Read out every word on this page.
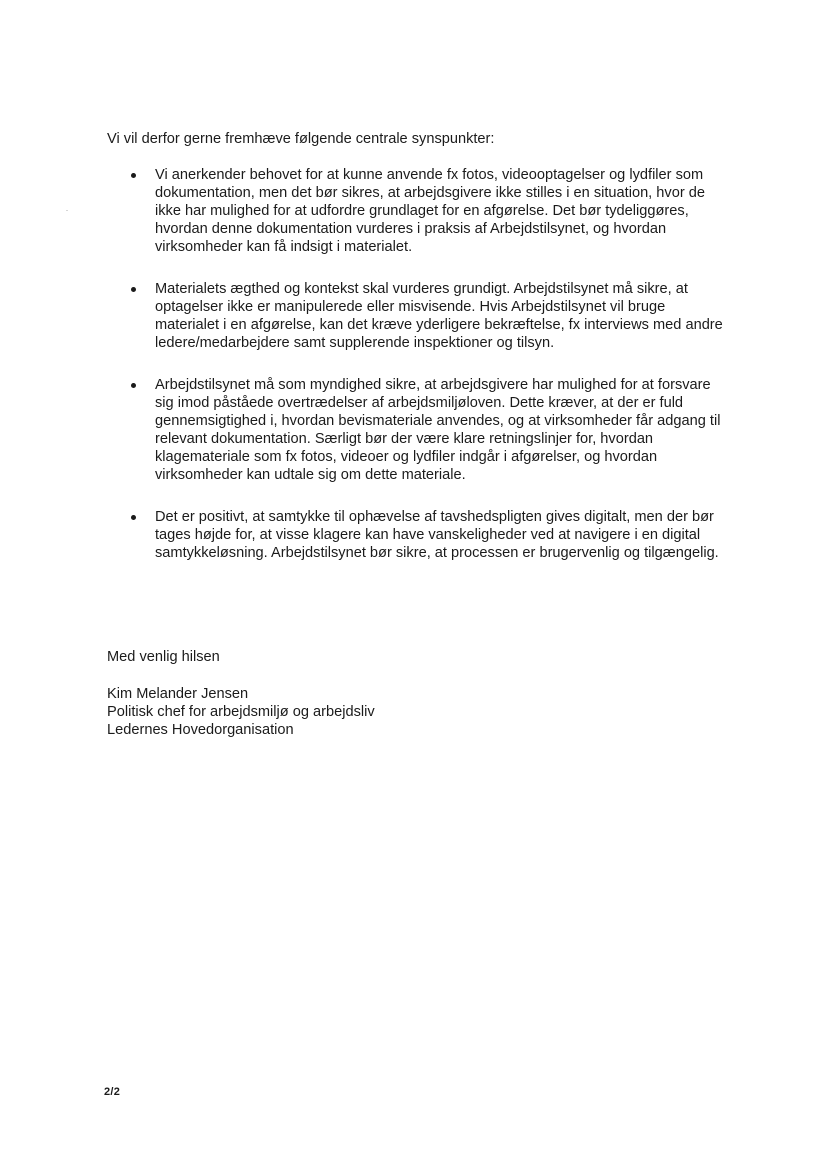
Vi vil derfor gerne fremhæve følgende centrale synspunkter:

Vi anerkender behovet for at kunne anvende fx fotos, videooptagelser og lydfiler som dokumentation, men det bør sikres, at arbejdsgivere ikke stilles i en situation, hvor de ikke har mulighed for at udfordre grundlaget for en afgørelse. Det bør tydeliggøres, hvordan denne dokumentation vurderes i praksis af Arbejdstilsynet, og hvordan virksomheder kan få indsigt i materialet.
Materialets ægthed og kontekst skal vurderes grundigt. Arbejdstilsynet må sikre, at optagelser ikke er manipulerede eller misvisende. Hvis Arbejdstilsynet vil bruge materialet i en afgørelse, kan det kræve yderligere bekræftelse, fx interviews med andre ledere/medarbejdere samt supplerende inspektioner og tilsyn.
Arbejdstilsynet må som myndighed sikre, at arbejdsgivere har mulighed for at forsvare sig imod påståede overtrædelser af arbejdsmiljøloven. Dette kræver, at der er fuld gennemsigtighed i, hvordan bevismateriale anvendes, og at virksomheder får adgang til relevant dokumentation. Særligt bør der være klare retningslinjer for, hvordan klagemateriale som fx fotos, videoer og lydfiler indgår i afgørelser, og hvordan virksomheder kan udtale sig om dette materiale.
Det er positivt, at samtykke til ophævelse af tavshedspligten gives digitalt, men der bør tages højde for, at visse klagere kan have vanskeligheder ved at navigere i en digital samtykkeløsning. Arbejdstilsynet bør sikre, at processen er brugervenlig og tilgængelig.

Med venlig hilsen

Kim Melander Jensen
Politisk chef for arbejdsmiljø og arbejdsliv
Ledernes Hovedorganisation
2/2
